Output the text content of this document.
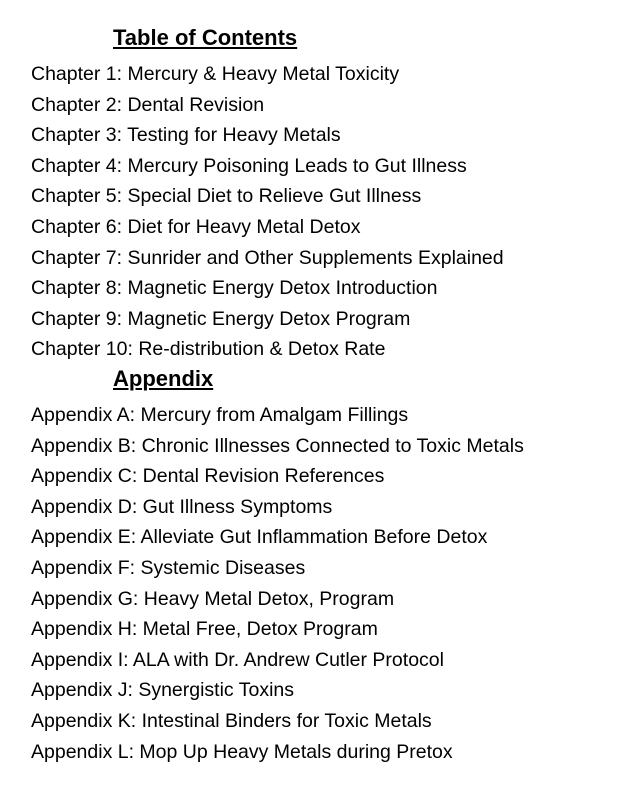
Table of Contents
Chapter 1: Mercury & Heavy Metal Toxicity
Chapter 2: Dental Revision
Chapter 3: Testing for Heavy Metals
Chapter 4: Mercury Poisoning Leads to Gut Illness
Chapter 5: Special Diet to Relieve Gut Illness
Chapter 6: Diet for Heavy Metal Detox
Chapter 7: Sunrider and Other Supplements Explained
Chapter 8: Magnetic Energy Detox Introduction
Chapter 9: Magnetic Energy Detox Program
Chapter 10: Re-distribution & Detox Rate
Appendix
Appendix A: Mercury from Amalgam Fillings
Appendix B: Chronic Illnesses Connected to Toxic Metals
Appendix C: Dental Revision References
Appendix D: Gut Illness Symptoms
Appendix E: Alleviate Gut Inflammation Before Detox
Appendix F: Systemic Diseases
Appendix G: Heavy Metal Detox, Program
Appendix H: Metal Free, Detox Program
Appendix I: ALA with Dr. Andrew Cutler Protocol
Appendix J: Synergistic Toxins
Appendix K: Intestinal Binders for Toxic Metals
Appendix L: Mop Up Heavy Metals during Pretox
